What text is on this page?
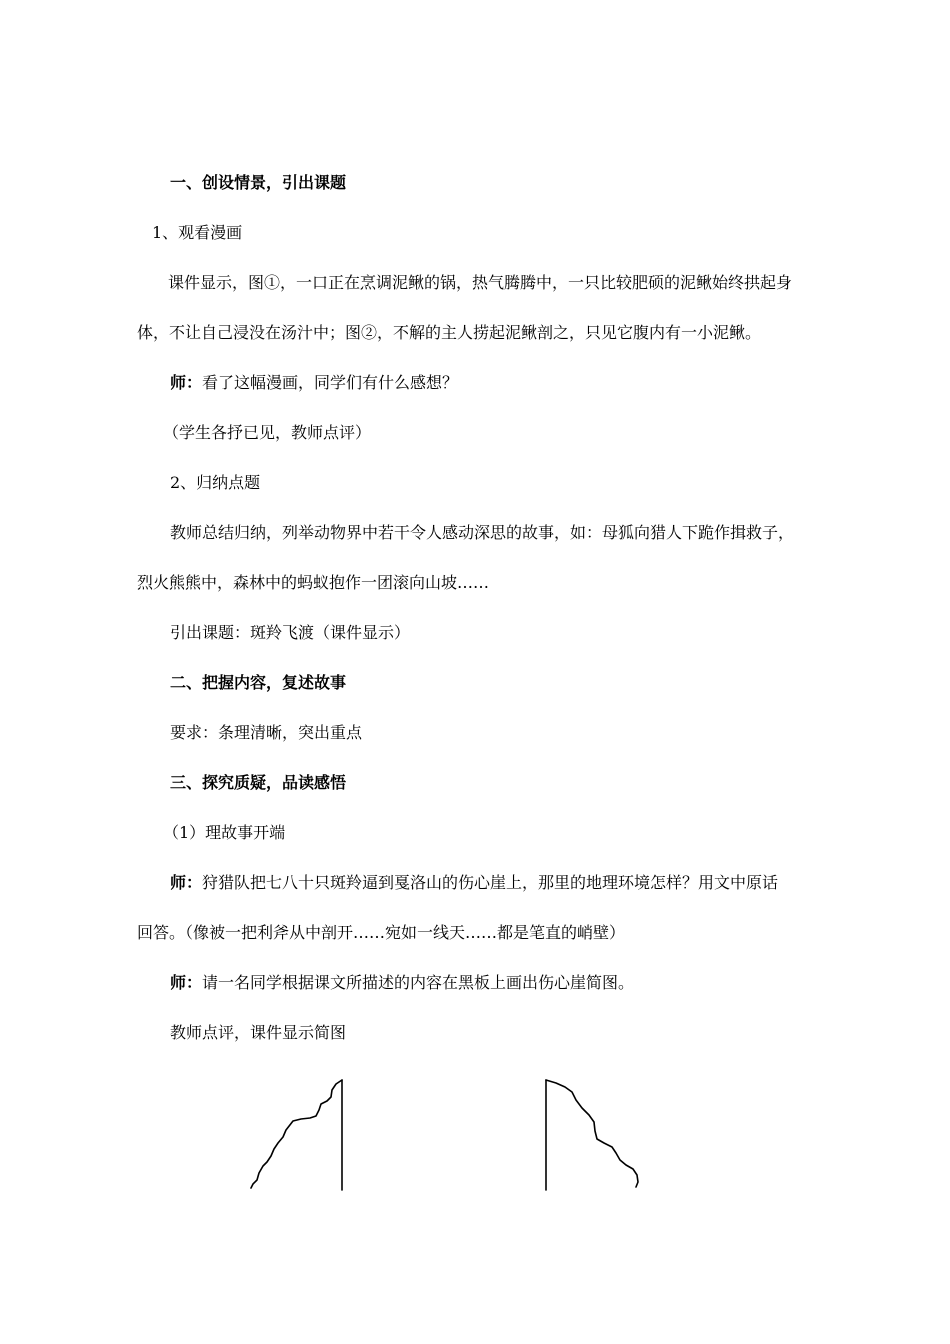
一、创设情景，引出课题
1、观看漫画
课件显示，图①，一口正在烹调泥鳅的锅，热气腾腾中，一只比较肥硕的泥鳅始终拱起身
体，不让自己浸没在汤汁中；图②，不解的主人捞起泥鳅剖之，只见它腹内有一小泥鳅。
师：看了这幅漫画，同学们有什么感想？
（学生各抒已见，教师点评）
2、归纳点题
教师总结归纳，列举动物界中若干令人感动深思的故事，如：母狐向猎人下跪作揖救子，
烈火熊熊中，森林中的蚂蚁抱作一团滚向山坡……
引出课题：斑羚飞渡（课件显示）
二、把握内容，复述故事
要求：条理清晰，突出重点
三、探究质疑，品读感悟
（1）理故事开端
师：狩猎队把七八十只斑羚逼到戛洛山的伤心崖上，那里的地理环境怎样？用文中原话
回答。（像被一把利斧从中剖开……宛如一线天……都是笔直的峭壁）
师：请一名同学根据课文所描述的内容在黑板上画出伤心崖简图。
教师点评，课件显示简图
